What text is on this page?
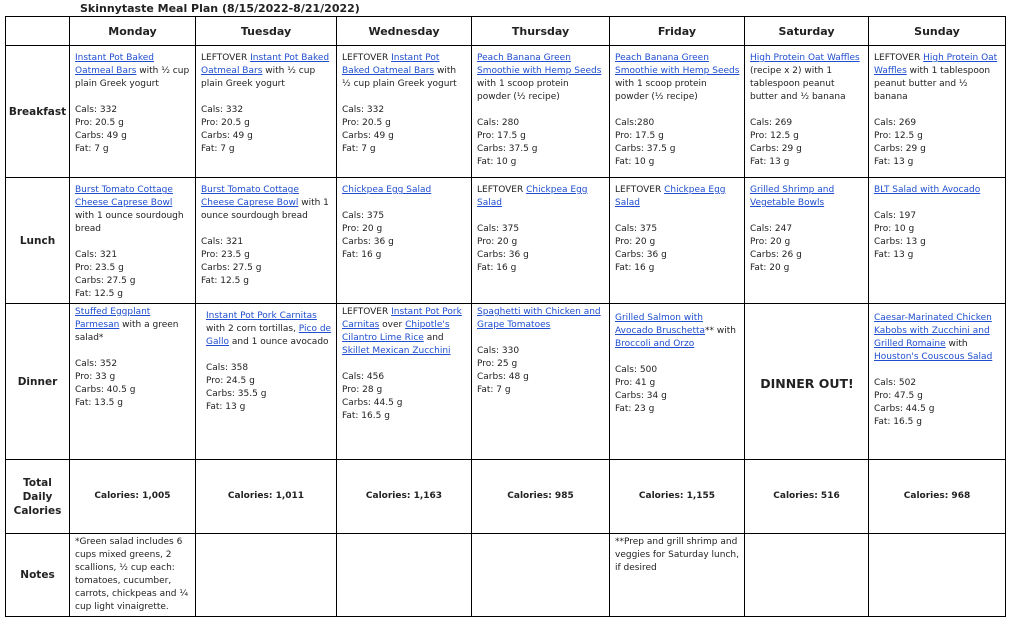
Skinnytaste Meal Plan (8/15/2022-8/21/2022)
	Monday	Tuesday	Wednesday	Thursday	Friday	Saturday	Sunday
Breakfast	Instant Pot Baked Oatmeal Bars with ½ cup plain Greek yogurt
Cals: 332
Pro: 20.5 g
Carbs: 49 g
Fat: 7 g	LEFTOVER Instant Pot Baked Oatmeal Bars with ½ cup plain Greek yogurt
Cals: 332
Pro: 20.5 g
Carbs: 49 g
Fat: 7 g	LEFTOVER Instant Pot Baked Oatmeal Bars with ½ cup plain Greek yogurt
Cals: 332
Pro: 20.5 g
Carbs: 49 g
Fat: 7 g	Peach Banana Green Smoothie with Hemp Seeds with 1 scoop protein powder (½ recipe)
Cals: 280
Pro: 17.5 g
Carbs: 37.5 g
Fat: 10 g	Peach Banana Green Smoothie with Hemp Seeds with 1 scoop protein powder (½ recipe)
Cals:280
Pro: 17.5 g
Carbs: 37.5 g
Fat: 10 g	High Protein Oat Waffles (recipe x 2) with 1 tablespoon peanut butter and ½ banana
Cals: 269
Pro: 12.5 g
Carbs: 29 g
Fat: 13 g	LEFTOVER High Protein Oat Waffles with 1 tablespoon peanut butter and ½ banana
Cals: 269
Pro: 12.5 g
Carbs: 29 g
Fat: 13 g

Lunch	Burst Tomato Cottage Cheese Caprese Bowl with 1 ounce sourdough bread
Cals: 321
Pro: 23.5 g
Carbs: 27.5 g
Fat: 12.5 g	Burst Tomato Cottage Cheese Caprese Bowl with 1 ounce sourdough bread
Cals: 321
Pro: 23.5 g
Carbs: 27.5 g
Fat: 12.5 g	Chickpea Egg Salad
Cals: 375
Pro: 20 g
Carbs: 36 g
Fat: 16 g	LEFTOVER Chickpea Egg Salad
Cals: 375
Pro: 20 g
Carbs: 36 g
Fat: 16 g	LEFTOVER Chickpea Egg Salad
Cals: 375
Pro: 20 g
Carbs: 36 g
Fat: 16 g	Grilled Shrimp and Vegetable Bowls
Cals: 247
Pro: 20 g
Carbs: 26 g
Fat: 20 g	BLT Salad with Avocado
Cals: 197
Pro: 10 g
Carbs: 13 g
Fat: 13 g

Dinner	Stuffed Eggplant Parmesan with a green salad*
Cals: 352
Pro: 33 g
Carbs: 40.5 g
Fat: 13.5 g	Instant Pot Pork Carnitas with 2 corn tortillas, Pico de Gallo and 1 ounce avocado
Cals: 358
Pro: 24.5 g
Carbs: 35.5 g
Fat: 13 g	LEFTOVER Instant Pot Pork Carnitas over Chipotle's Cilantro Lime Rice and Skillet Mexican Zucchini
Cals: 456
Pro: 28 g
Carbs: 44.5 g
Fat: 16.5 g	Spaghetti with Chicken and Grape Tomatoes
Cals: 330
Pro: 25 g
Carbs: 48 g
Fat: 7 g	Grilled Salmon with Avocado Bruschetta** with Broccoli and Orzo
Cals: 500
Pro: 41 g
Carbs: 34 g
Fat: 23 g	DINNER OUT!	Caesar-Marinated Chicken Kabobs with Zucchini and Grilled Romaine with Houston's Couscous Salad
Cals: 502
Pro: 47.5 g
Carbs: 44.5 g
Fat: 16.5 g

Total Daily Calories	Calories: 1,005	Calories: 1,011	Calories: 1,163	Calories: 985	Calories: 1,155	Calories: 516	Calories: 968
Notes	*Green salad includes 6 cups mixed greens, 2 scallions, ½ cup each: tomatoes, cucumber, carrots, chickpeas and ¼ cup light vinaigrette.				**Prep and grill shrimp and veggies for Saturday lunch, if desired		
